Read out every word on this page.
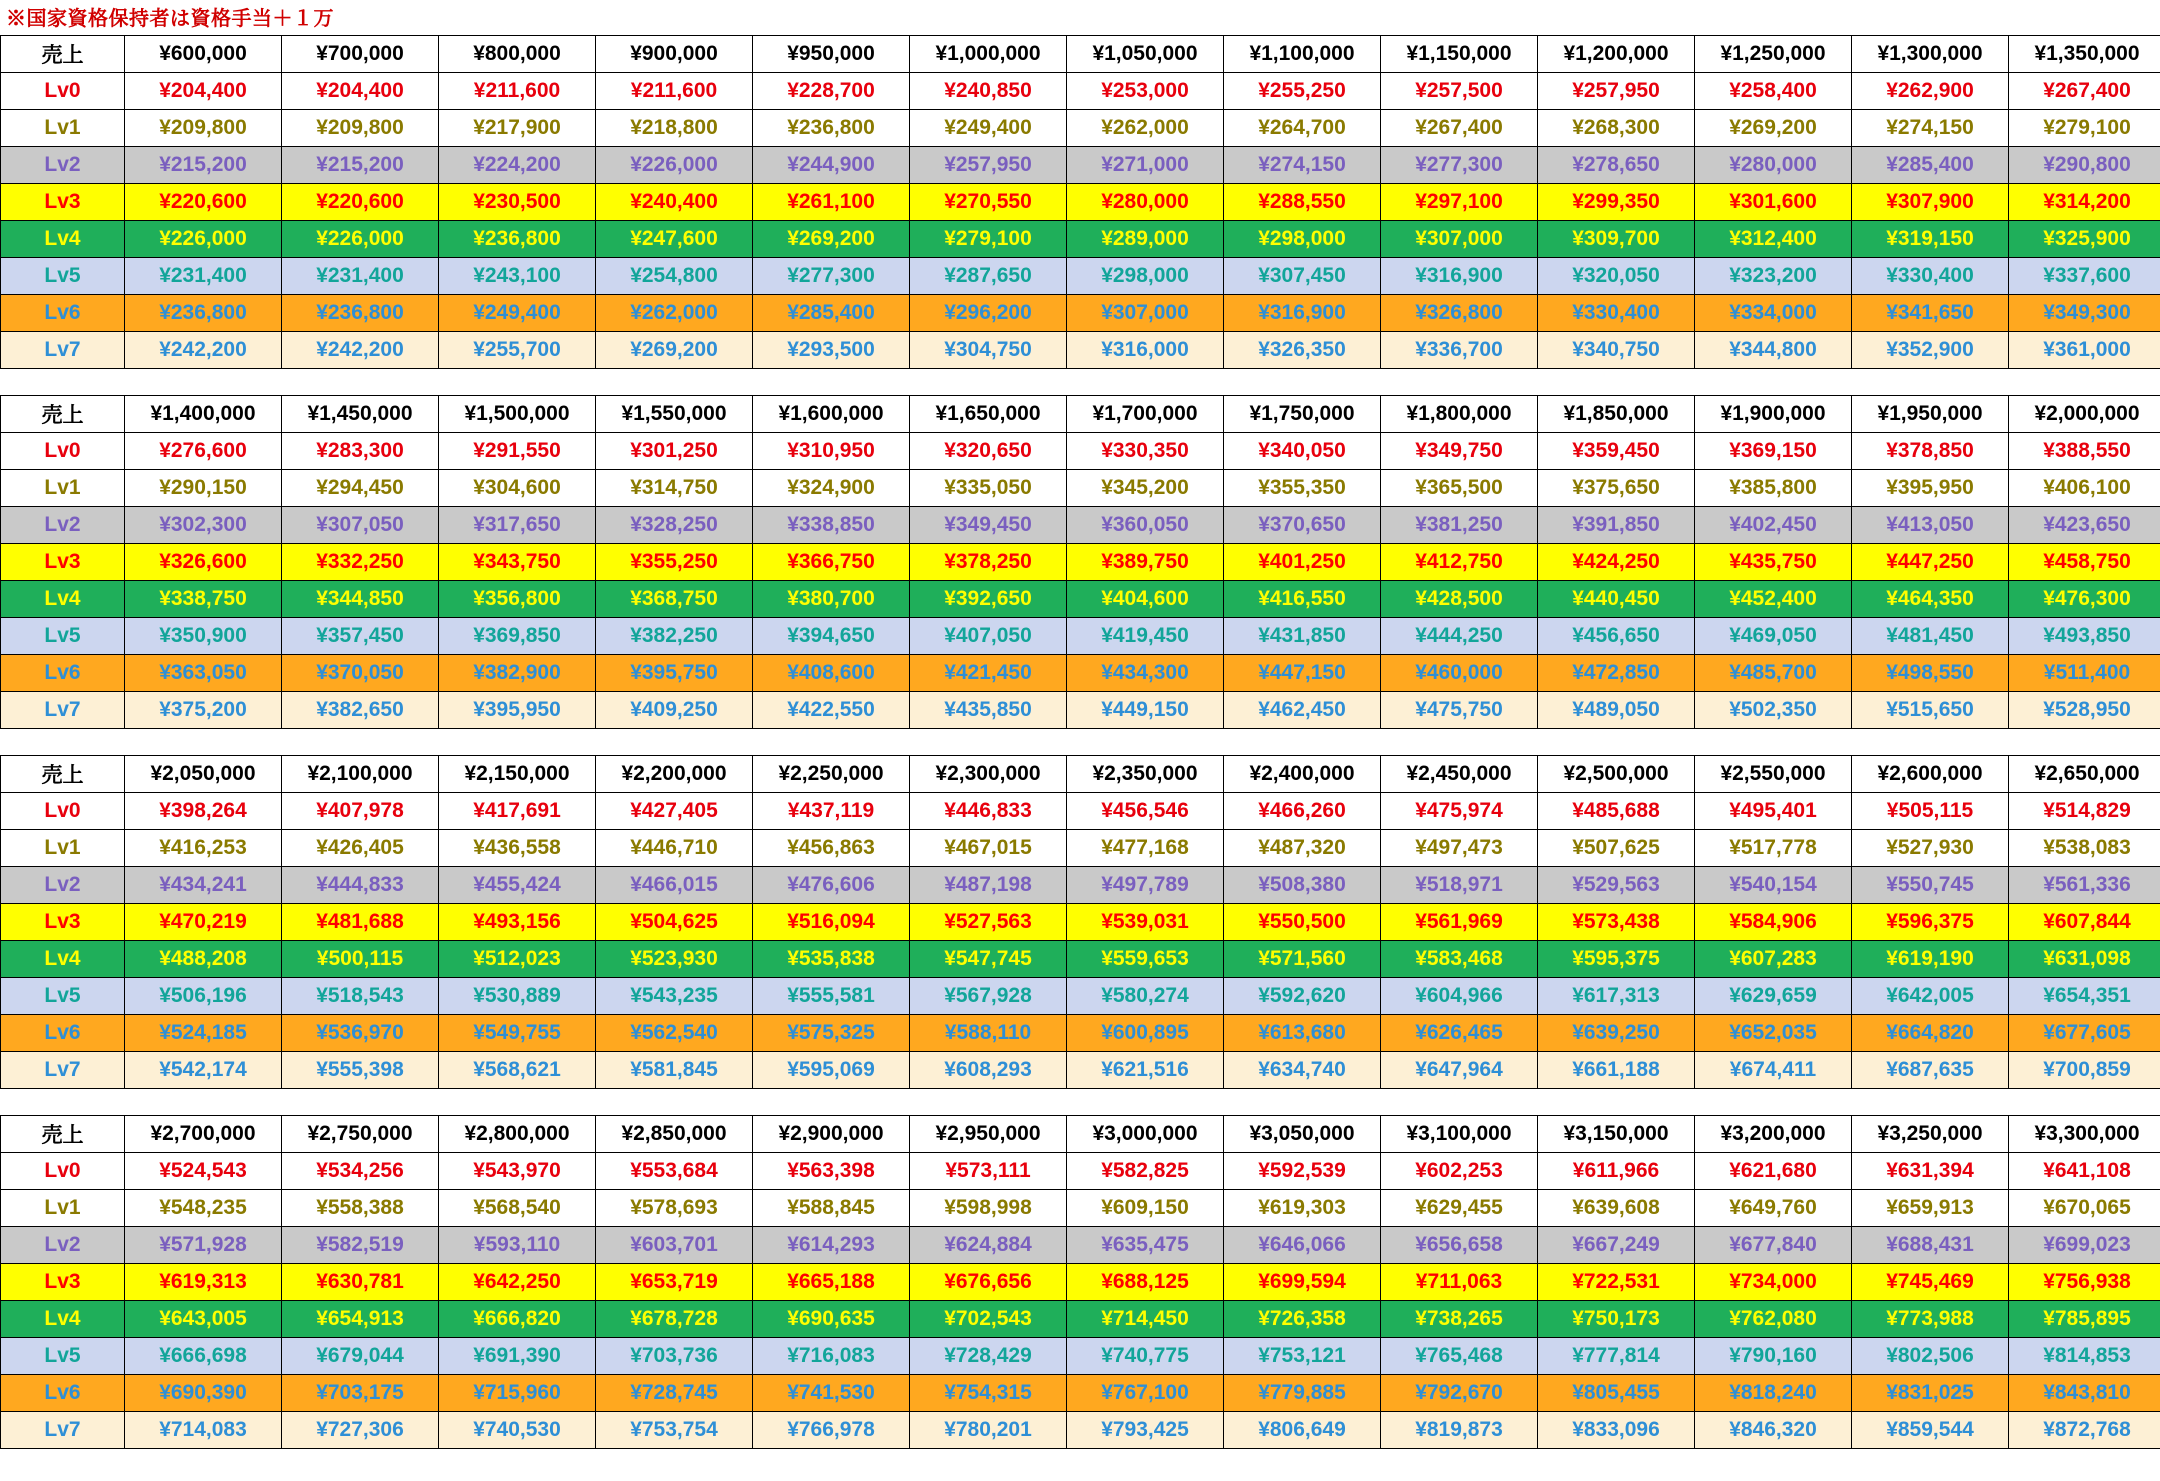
※国家資格保持者は資格手当＋１万
売上	¥600,000	¥700,000	¥800,000	¥900,000	¥950,000	¥1,000,000	¥1,050,000	¥1,100,000	¥1,150,000	¥1,200,000	¥1,250,000	¥1,300,000	¥1,350,000
Lv0	¥204,400	¥204,400	¥211,600	¥211,600	¥228,700	¥240,850	¥253,000	¥255,250	¥257,500	¥257,950	¥258,400	¥262,900	¥267,400
Lv1	¥209,800	¥209,800	¥217,900	¥218,800	¥236,800	¥249,400	¥262,000	¥264,700	¥267,400	¥268,300	¥269,200	¥274,150	¥279,100
Lv2	¥215,200	¥215,200	¥224,200	¥226,000	¥244,900	¥257,950	¥271,000	¥274,150	¥277,300	¥278,650	¥280,000	¥285,400	¥290,800
Lv3	¥220,600	¥220,600	¥230,500	¥240,400	¥261,100	¥270,550	¥280,000	¥288,550	¥297,100	¥299,350	¥301,600	¥307,900	¥314,200
Lv4	¥226,000	¥226,000	¥236,800	¥247,600	¥269,200	¥279,100	¥289,000	¥298,000	¥307,000	¥309,700	¥312,400	¥319,150	¥325,900
Lv5	¥231,400	¥231,400	¥243,100	¥254,800	¥277,300	¥287,650	¥298,000	¥307,450	¥316,900	¥320,050	¥323,200	¥330,400	¥337,600
Lv6	¥236,800	¥236,800	¥249,400	¥262,000	¥285,400	¥296,200	¥307,000	¥316,900	¥326,800	¥330,400	¥334,000	¥341,650	¥349,300
Lv7	¥242,200	¥242,200	¥255,700	¥269,200	¥293,500	¥304,750	¥316,000	¥326,350	¥336,700	¥340,750	¥344,800	¥352,900	¥361,000
売上	¥1,400,000	¥1,450,000	¥1,500,000	¥1,550,000	¥1,600,000	¥1,650,000	¥1,700,000	¥1,750,000	¥1,800,000	¥1,850,000	¥1,900,000	¥1,950,000	¥2,000,000
Lv0	¥276,600	¥283,300	¥291,550	¥301,250	¥310,950	¥320,650	¥330,350	¥340,050	¥349,750	¥359,450	¥369,150	¥378,850	¥388,550
Lv1	¥290,150	¥294,450	¥304,600	¥314,750	¥324,900	¥335,050	¥345,200	¥355,350	¥365,500	¥375,650	¥385,800	¥395,950	¥406,100
Lv2	¥302,300	¥307,050	¥317,650	¥328,250	¥338,850	¥349,450	¥360,050	¥370,650	¥381,250	¥391,850	¥402,450	¥413,050	¥423,650
Lv3	¥326,600	¥332,250	¥343,750	¥355,250	¥366,750	¥378,250	¥389,750	¥401,250	¥412,750	¥424,250	¥435,750	¥447,250	¥458,750
Lv4	¥338,750	¥344,850	¥356,800	¥368,750	¥380,700	¥392,650	¥404,600	¥416,550	¥428,500	¥440,450	¥452,400	¥464,350	¥476,300
Lv5	¥350,900	¥357,450	¥369,850	¥382,250	¥394,650	¥407,050	¥419,450	¥431,850	¥444,250	¥456,650	¥469,050	¥481,450	¥493,850
Lv6	¥363,050	¥370,050	¥382,900	¥395,750	¥408,600	¥421,450	¥434,300	¥447,150	¥460,000	¥472,850	¥485,700	¥498,550	¥511,400
Lv7	¥375,200	¥382,650	¥395,950	¥409,250	¥422,550	¥435,850	¥449,150	¥462,450	¥475,750	¥489,050	¥502,350	¥515,650	¥528,950
売上	¥2,050,000	¥2,100,000	¥2,150,000	¥2,200,000	¥2,250,000	¥2,300,000	¥2,350,000	¥2,400,000	¥2,450,000	¥2,500,000	¥2,550,000	¥2,600,000	¥2,650,000
Lv0	¥398,264	¥407,978	¥417,691	¥427,405	¥437,119	¥446,833	¥456,546	¥466,260	¥475,974	¥485,688	¥495,401	¥505,115	¥514,829
Lv1	¥416,253	¥426,405	¥436,558	¥446,710	¥456,863	¥467,015	¥477,168	¥487,320	¥497,473	¥507,625	¥517,778	¥527,930	¥538,083
Lv2	¥434,241	¥444,833	¥455,424	¥466,015	¥476,606	¥487,198	¥497,789	¥508,380	¥518,971	¥529,563	¥540,154	¥550,745	¥561,336
Lv3	¥470,219	¥481,688	¥493,156	¥504,625	¥516,094	¥527,563	¥539,031	¥550,500	¥561,969	¥573,438	¥584,906	¥596,375	¥607,844
Lv4	¥488,208	¥500,115	¥512,023	¥523,930	¥535,838	¥547,745	¥559,653	¥571,560	¥583,468	¥595,375	¥607,283	¥619,190	¥631,098
Lv5	¥506,196	¥518,543	¥530,889	¥543,235	¥555,581	¥567,928	¥580,274	¥592,620	¥604,966	¥617,313	¥629,659	¥642,005	¥654,351
Lv6	¥524,185	¥536,970	¥549,755	¥562,540	¥575,325	¥588,110	¥600,895	¥613,680	¥626,465	¥639,250	¥652,035	¥664,820	¥677,605
Lv7	¥542,174	¥555,398	¥568,621	¥581,845	¥595,069	¥608,293	¥621,516	¥634,740	¥647,964	¥661,188	¥674,411	¥687,635	¥700,859
売上	¥2,700,000	¥2,750,000	¥2,800,000	¥2,850,000	¥2,900,000	¥2,950,000	¥3,000,000	¥3,050,000	¥3,100,000	¥3,150,000	¥3,200,000	¥3,250,000	¥3,300,000
Lv0	¥524,543	¥534,256	¥543,970	¥553,684	¥563,398	¥573,111	¥582,825	¥592,539	¥602,253	¥611,966	¥621,680	¥631,394	¥641,108
Lv1	¥548,235	¥558,388	¥568,540	¥578,693	¥588,845	¥598,998	¥609,150	¥619,303	¥629,455	¥639,608	¥649,760	¥659,913	¥670,065
Lv2	¥571,928	¥582,519	¥593,110	¥603,701	¥614,293	¥624,884	¥635,475	¥646,066	¥656,658	¥667,249	¥677,840	¥688,431	¥699,023
Lv3	¥619,313	¥630,781	¥642,250	¥653,719	¥665,188	¥676,656	¥688,125	¥699,594	¥711,063	¥722,531	¥734,000	¥745,469	¥756,938
Lv4	¥643,005	¥654,913	¥666,820	¥678,728	¥690,635	¥702,543	¥714,450	¥726,358	¥738,265	¥750,173	¥762,080	¥773,988	¥785,895
Lv5	¥666,698	¥679,044	¥691,390	¥703,736	¥716,083	¥728,429	¥740,775	¥753,121	¥765,468	¥777,814	¥790,160	¥802,506	¥814,853
Lv6	¥690,390	¥703,175	¥715,960	¥728,745	¥741,530	¥754,315	¥767,100	¥779,885	¥792,670	¥805,455	¥818,240	¥831,025	¥843,810
Lv7	¥714,083	¥727,306	¥740,530	¥753,754	¥766,978	¥780,201	¥793,425	¥806,649	¥819,873	¥833,096	¥846,320	¥859,544	¥872,768
